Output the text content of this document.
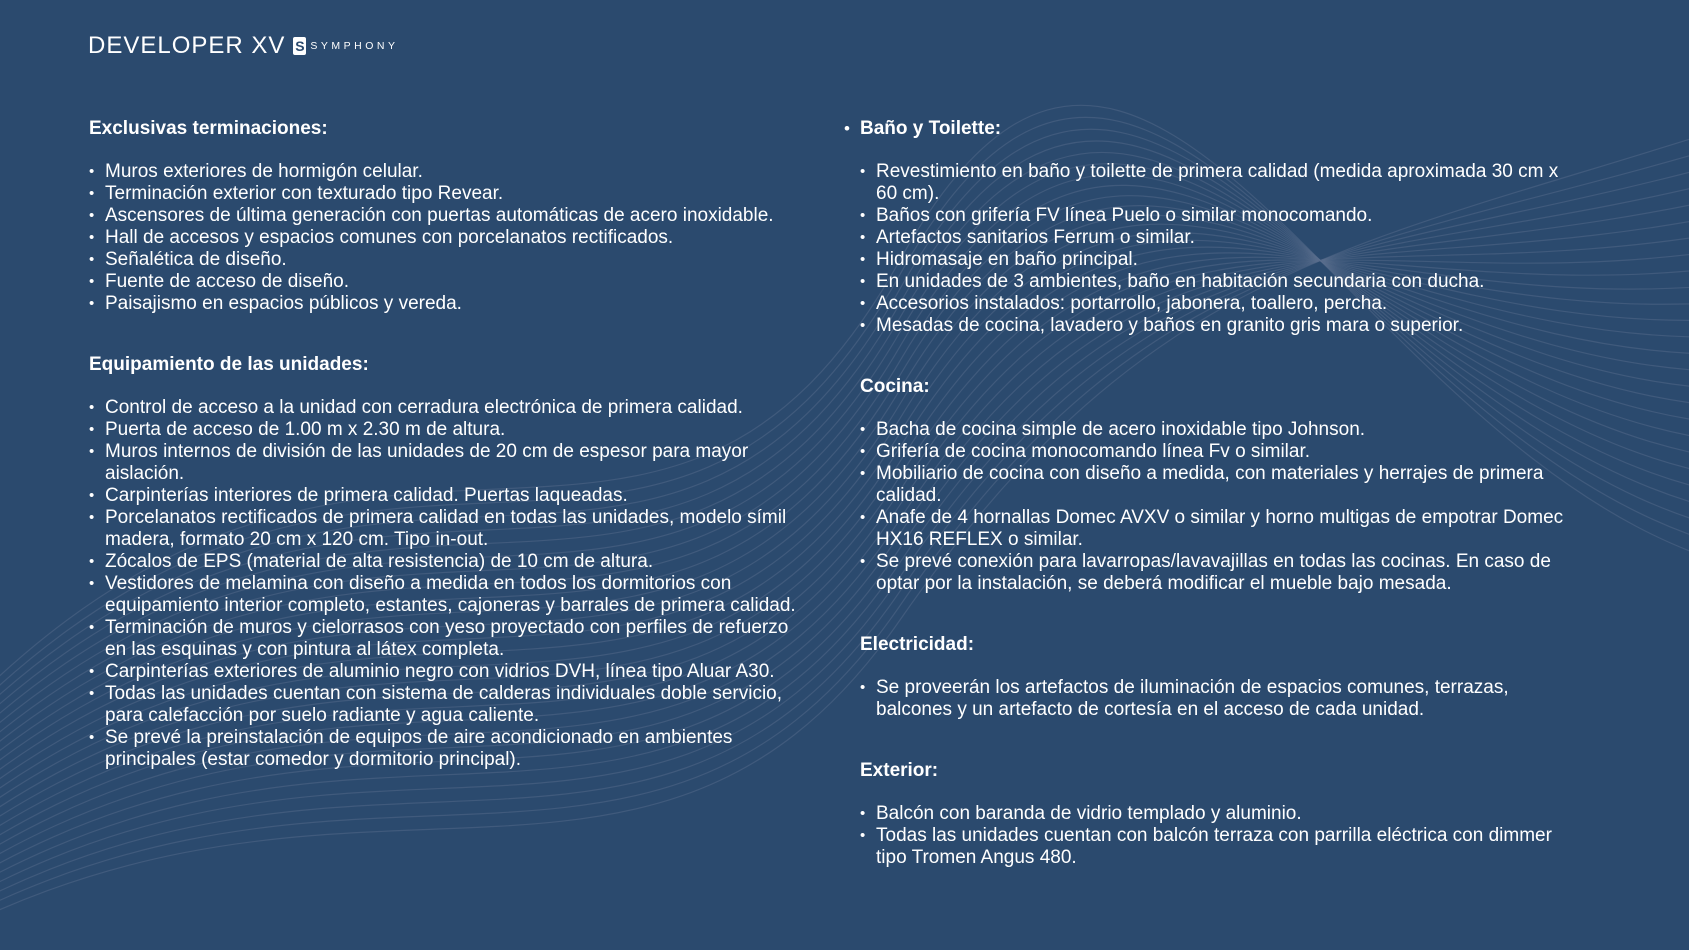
DEVELOPER XV S SYMPHONY
Exclusivas terminaciones:
• Muros exteriores de hormigón celular.
• Terminación exterior con texturado tipo Revear.
• Ascensores de última generación con puertas automáticas de acero inoxidable.
• Hall de accesos y espacios comunes con porcelanatos rectificados.
• Señalética de diseño.
• Fuente de acceso de diseño.
• Paisajismo en espacios públicos y vereda.
Equipamiento de las unidades:
• Control de acceso a la unidad con cerradura electrónica de primera calidad.
• Puerta de acceso de 1.00 m x 2.30 m de altura.
• Muros internos de división de las unidades de 20 cm de espesor para mayor aislación.
• Carpinterías interiores de primera calidad. Puertas laqueadas.
• Porcelanatos rectificados de primera calidad en todas las unidades, modelo símil madera, formato 20 cm x 120 cm. Tipo in-out.
• Zócalos de EPS (material de alta resistencia) de 10 cm de altura.
• Vestidores de melamina con diseño a medida en todos los dormitorios con equipamiento interior completo, estantes, cajoneras y barrales de primera calidad.
• Terminación de muros y cielorrasos con yeso proyectado con perfiles de refuerzo en las esquinas y con pintura al látex completa.
• Carpinterías exteriores de aluminio negro con vidrios DVH, línea tipo Aluar A30.
• Todas las unidades cuentan con sistema de calderas individuales doble servicio, para calefacción por suelo radiante y agua caliente.
• Se prevé la preinstalación de equipos de aire acondicionado en ambientes principales (estar comedor y dormitorio principal).
• Baño y Toilette:
• Revestimiento en baño y toilette de primera calidad (medida aproximada 30 cm x 60 cm).
• Baños con grifería FV línea Puelo o similar monocomando.
• Artefactos sanitarios Ferrum o similar.
• Hidromasaje en baño principal.
• En unidades de 3 ambientes, baño en habitación secundaria con ducha.
• Accesorios instalados: portarrollo, jabonera, toallero, percha.
• Mesadas de cocina, lavadero y baños en granito gris mara o superior.
Cocina:
• Bacha de cocina simple de acero inoxidable tipo Johnson.
• Grifería de cocina monocomando línea Fv o similar.
• Mobiliario de cocina con diseño a medida, con materiales y herrajes de primera calidad.
• Anafe de 4 hornallas Domec AVXV o similar y horno multigas de empotrar Domec HX16 REFLEX o similar.
• Se prevé conexión para lavarropas/lavavajillas en todas las cocinas. En caso de optar por la instalación, se deberá modificar el mueble bajo mesada.
Electricidad:
• Se proveerán los artefactos de iluminación de espacios comunes, terrazas, balcones y un artefacto de cortesía en el acceso de cada unidad.
Exterior:
• Balcón con baranda de vidrio templado y aluminio.
• Todas las unidades cuentan con balcón terraza con parrilla eléctrica con dimmer tipo Tromen Angus 480.
